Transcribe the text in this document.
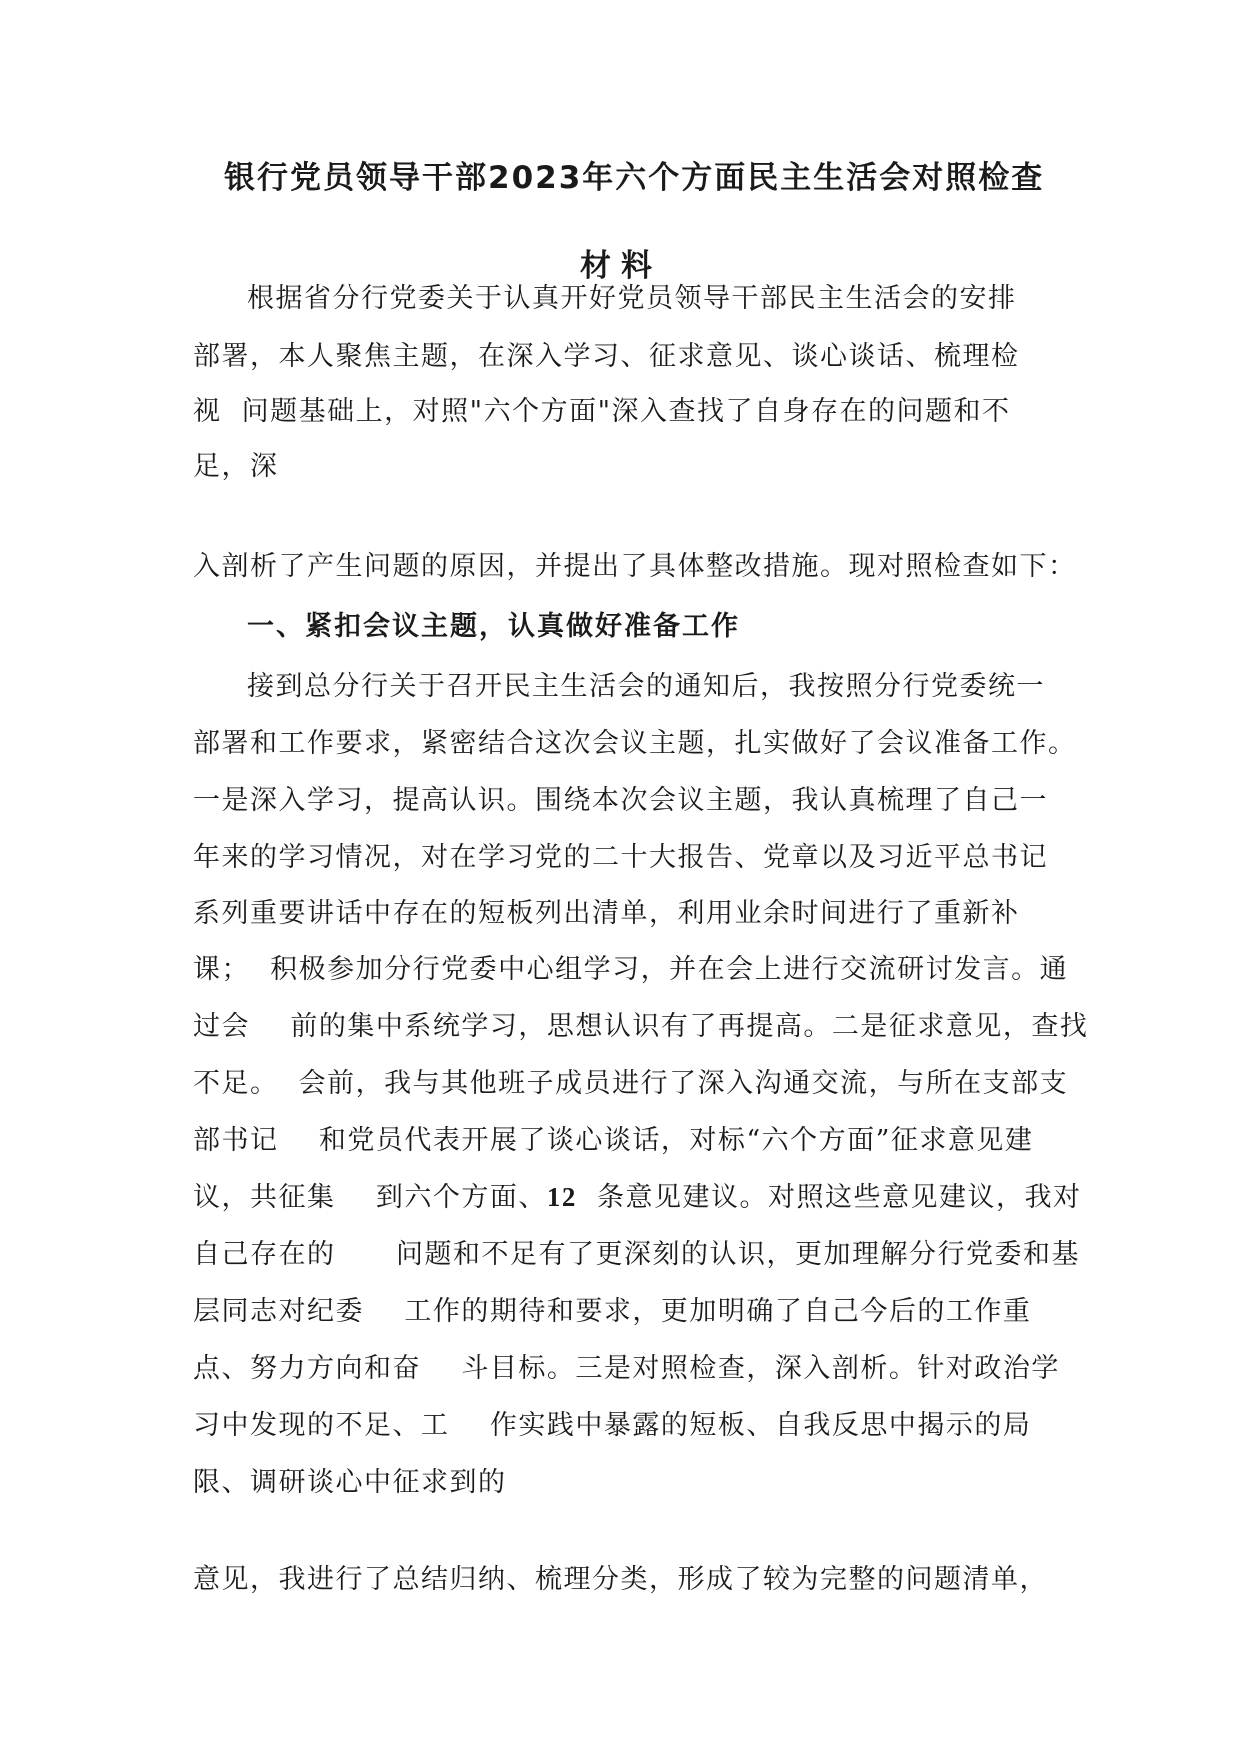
银行党员领导干部2023年六个方面民主生活会对照检查
材料
根据省分行党委关于认真开好党员领导干部民主生活会的安排
部署，本人聚焦主题，在深入学习、征求意见、谈心谈话、梳理检
视  问题基础上，对照"六个方面"深入查找了自身存在的问题和不
足，深
入剖析了产生问题的原因，并提出了具体整改措施。现对照检查如下：
一、紧扣会议主题，认真做好准备工作
接到总分行关于召开民主生活会的通知后，我按照分行党委统一
部署和工作要求，紧密结合这次会议主题，扎实做好了会议准备工作。
一是深入学习，提高认识。围绕本次会议主题，我认真梳理了自己一
年来的学习情况，对在学习党的二十大报告、党章以及习近平总书记
系列重要讲话中存在的短板列出清单，利用业余时间进行了重新补
课；  积极参加分行党委中心组学习，并在会上进行交流研讨发言。通
过会    前的集中系统学习，思想认识有了再提高。二是征求意见，查找
不足。  会前，我与其他班子成员进行了深入沟通交流，与所在支部支
部书记    和党员代表开展了谈心谈话，对标“六个方面”征求意见建
议，共征集    到六个方面、12 条意见建议。对照这些意见建议，我对
自己存在的      问题和不足有了更深刻的认识，更加理解分行党委和基
层同志对纪委    工作的期待和要求，更加明确了自己今后的工作重
点、努力方向和奋    斗目标。三是对照检查，深入剖析。针对政治学
习中发现的不足、工    作实践中暴露的短板、自我反思中揭示的局
限、调研谈心中征求到的
意见，我进行了总结归纳、梳理分类，形成了较为完整的问题清单，
